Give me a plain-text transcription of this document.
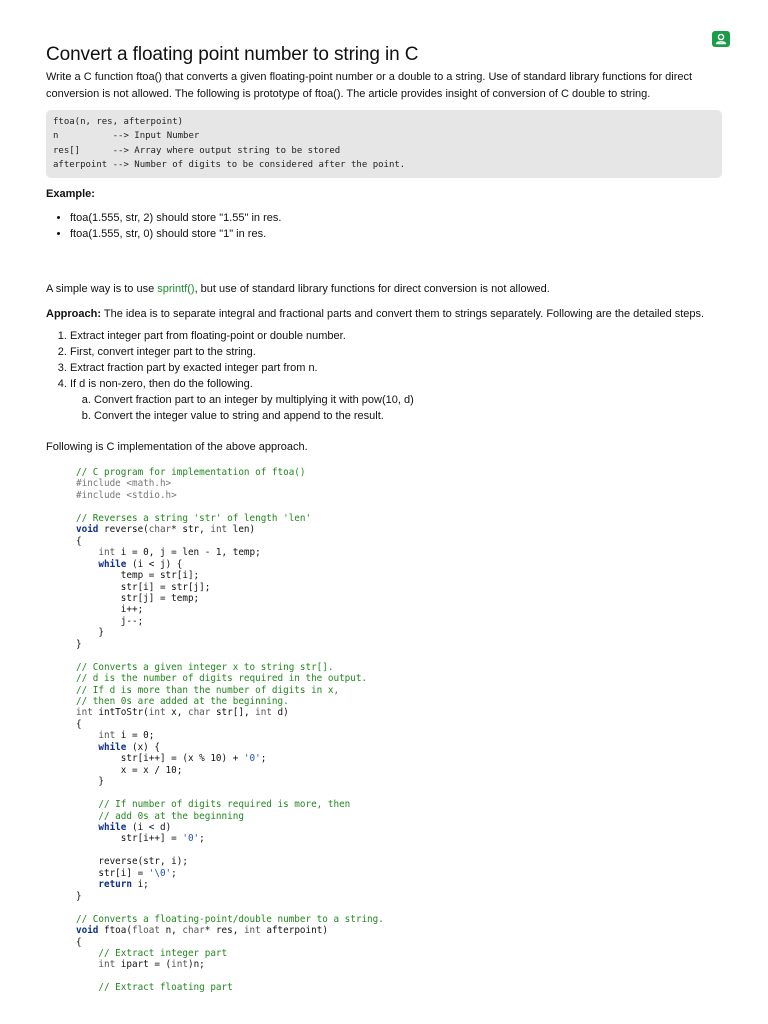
Convert a floating point number to string in C

Write a C function ftoa() that converts a given floating-point number or a double to a string. Use of standard library functions for direct conversion is not allowed. The following is prototype of ftoa(). The article provides insight of conversion of C double to string.

ftoa(n, res, afterpoint)
n          --> Input Number
res[]      --> Array where output string to be stored
afterpoint --> Number of digits to be considered after the point.

Example:

• ftoa(1.555, str, 2) should store "1.55" in res.
• ftoa(1.555, str, 0) should store "1" in res.

A simple way is to use sprintf(), but use of standard library functions for direct conversion is not allowed.

Approach: The idea is to separate integral and fractional parts and convert them to strings separately. Following are the detailed steps.

1. Extract integer part from floating-point or double number.
2. First, convert integer part to the string.
3. Extract fraction part by exacted integer part from n.
4. If d is non-zero, then do the following.
a. Convert fraction part to an integer by multiplying it with pow(10, d)
b. Convert the integer value to string and append to the result.

Following is C implementation of the above approach.

// C program for implementation of ftoa()
#include <math.h>
#include <stdio.h>
// Reverses a string 'str' of length 'len'
void reverse(char* str, int len)
{
int i = 0, j = len - 1, temp;
while (i < j) {
temp = str[i];
str[i] = str[j];
str[j] = temp;
i++;
j--;
}
}
// Converts a given integer x to string str[].
// d is the number of digits required in the output.
// If d is more than the number of digits in x,
// then 0s are added at the beginning.
int intToStr(int x, char str[], int d)
{
int i = 0;
while (x) {
str[i++] = (x % 10) + '0';
x = x / 10;
}
// If number of digits required is more, then
// add 0s at the beginning
while (i < d)
str[i++] = '0';
reverse(str, i);
str[i] = '\0';
return i;
}
// Converts a floating-point/double number to a string.
void ftoa(float n, char* res, int afterpoint)
{
// Extract integer part
int ipart = (int)n;
// Extract floating part
